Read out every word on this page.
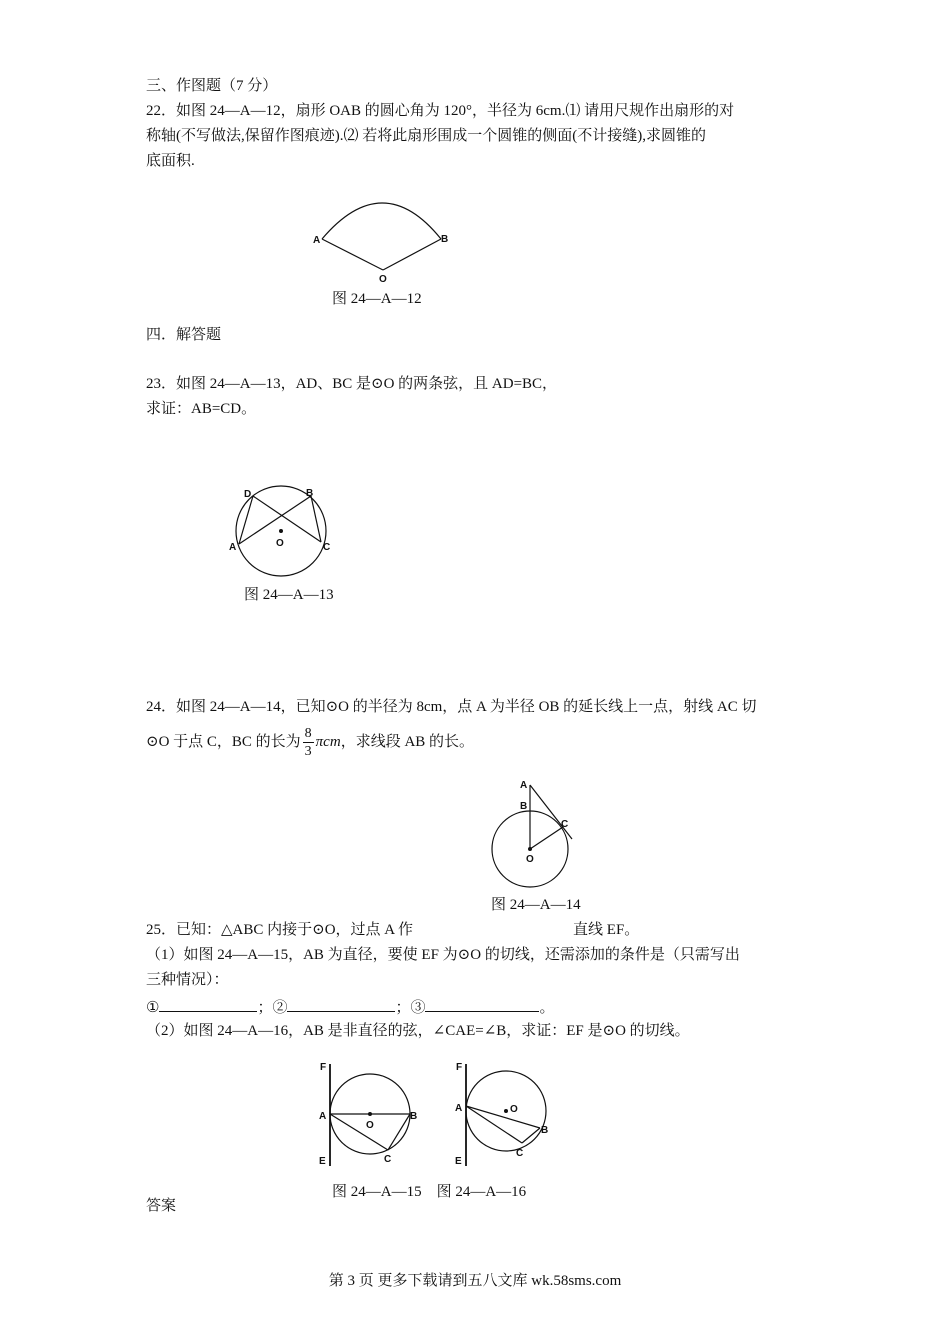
三、作图题（7 分）
22．如图 24—A—12，扇形 OAB 的圆心角为 120°，半径为 6cm.⑴ 请用尺规作出扇形的对
称轴(不写做法,保留作图痕迹).⑵ 若将此扇形围成一个圆锥的侧面(不计接缝),求圆锥的
底面积.
A	B
O
图 24—A—12
四．解答题
23．如图 24—A—13，AD、BC 是⊙O 的两条弦，且 AD=BC，
求证：AB=CD。
D	B
A	C
O
图 24—A—13
24．如图 24—A—14，已知⊙O 的半径为 8cm，点 A 为半径 OB 的延长线上一点，射线 AC 切
⊙O 于点 C，BC 的长为 $\frac{8}{3}$ πcm，求线段 AB 的长。
A
B
C
O
图 24—A—14
25．已知：△ABC 内接于⊙O，过点 A 作	直线 EF。
（1）如图 24—A—15，AB 为直径，要使 EF 为⊙O 的切线，还需添加的条件是（只需写出
三种情况）：
①	；②	；③	。
（2）如图 24—A—16，AB 是非直径的弦，∠CAE=∠B，求证：EF 是⊙O 的切线。
F
A
E
O
B
C
F
A
E
O
B
C
图 24—A—15　图 24—A—16
答案
第 3 页 更多下载请到五八文库 wk.58sms.com
